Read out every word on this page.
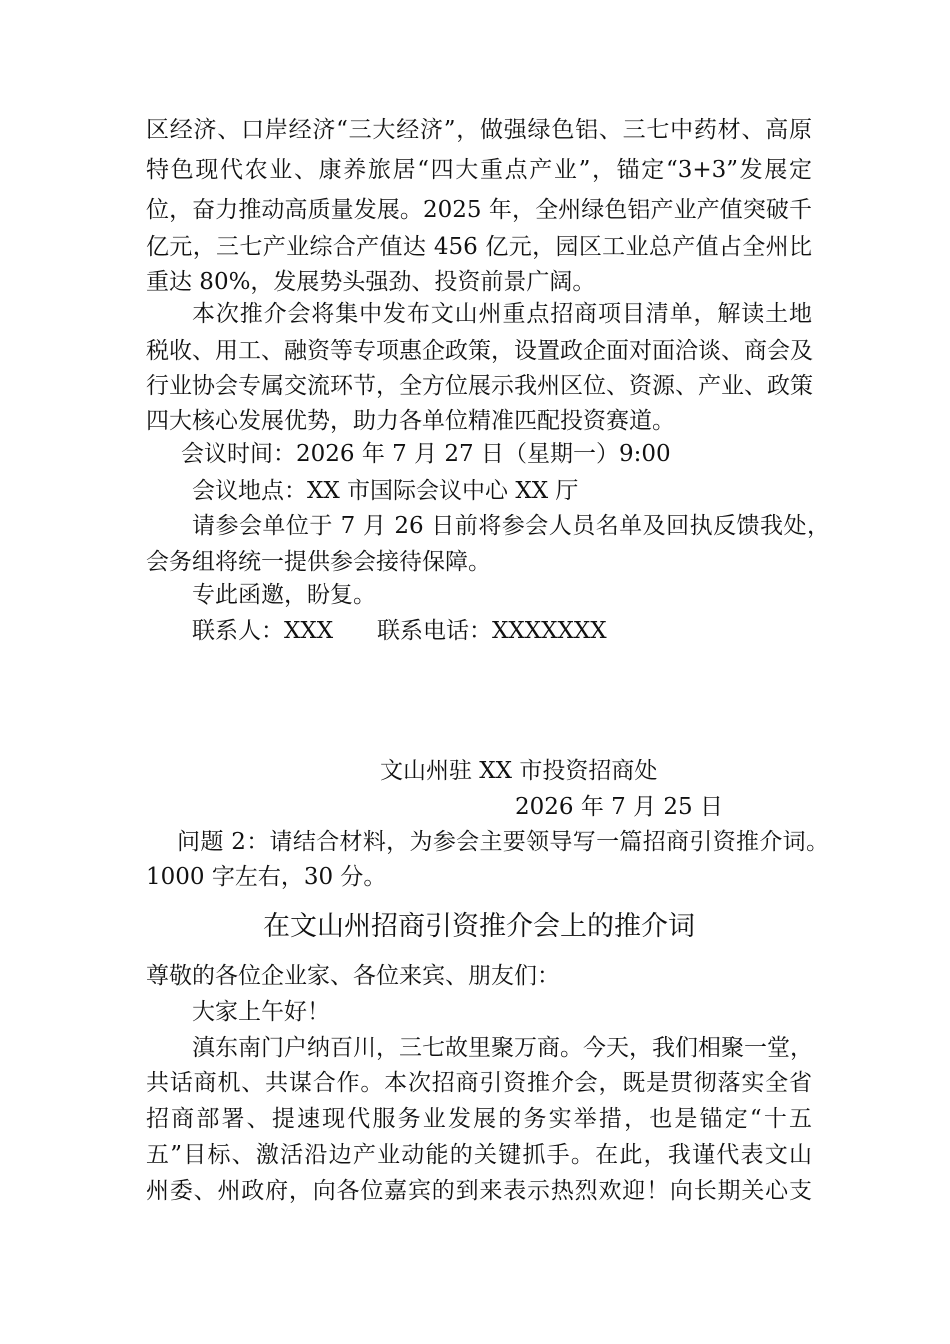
区经济、口岸经济“三大经济”，做强绿色铝、三七中药材、高原
特色现代农业、康养旅居“四大重点产业”，锚定“3+3”发展定
位，奋力推动高质量发展。2025 年，全州绿色铝产业产值突破千
亿元，三七产业综合产值达 456 亿元，园区工业总产值占全州比
重达 80%，发展势头强劲、投资前景广阔。
本次推介会将集中发布文山州重点招商项目清单，解读土地
税收、用工、融资等专项惠企政策，设置政企面对面洽谈、商会及
行业协会专属交流环节，全方位展示我州区位、资源、产业、政策
四大核心发展优势，助力各单位精准匹配投资赛道。
会议时间：2026 年 7 月 27 日（星期一）9:00
会议地点：XX 市国际会议中心 XX 厅
请参会单位于 7 月 26 日前将参会人员名单及回执反馈我处，
会务组将统一提供参会接待保障。
专此函邀，盼复。
联系人：XXX      联系电话：XXXXXXX
文山州驻 XX 市投资招商处
2026 年 7 月 25 日
问题 2：请结合材料，为参会主要领导写一篇招商引资推介词。
1000 字左右，30 分。
在文山州招商引资推介会上的推介词
尊敬的各位企业家、各位来宾、朋友们：
大家上午好！
滇东南门户纳百川，三七故里聚万商。今天，我们相聚一堂，
共话商机、共谋合作。本次招商引资推介会，既是贯彻落实全省
招商部署、提速现代服务业发展的务实举措，也是锚定“十五
五”目标、激活沿边产业动能的关键抓手。在此，我谨代表文山
州委、州政府，向各位嘉宾的到来表示热烈欢迎！向长期关心支
